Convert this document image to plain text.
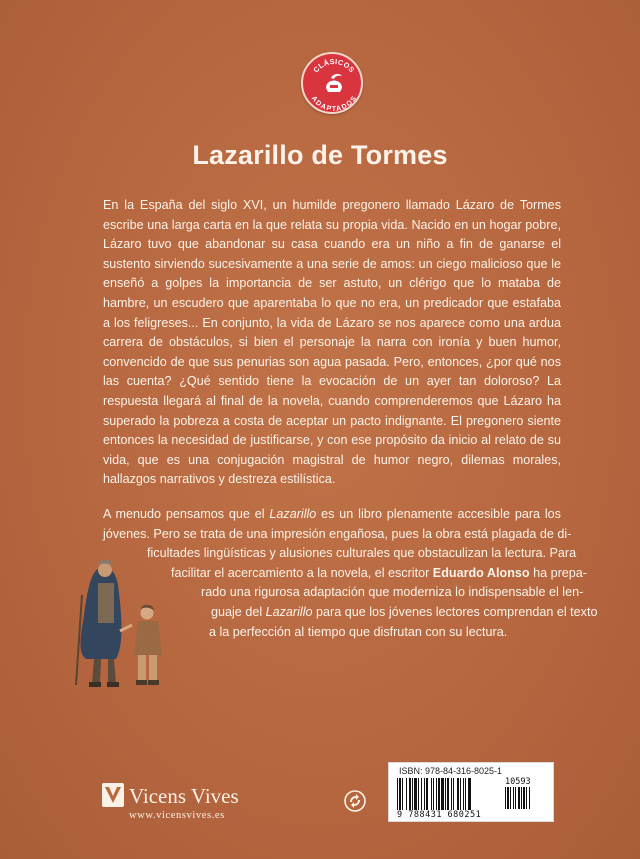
CLÁSICOS
ADAPTADOS
Lazarillo de Tormes

En la España del siglo XVI, un humilde pregonero llamado Lázaro de Tormes escribe una larga carta en la que relata su propia vida. Nacido en un hogar pobre, Lázaro tuvo que abandonar su casa cuando era un niño a fin de ganarse el sustento sirviendo sucesivamente a una serie de amos: un ciego malicioso que le enseñó a golpes la importancia de ser astuto, un clérigo que lo mataba de hambre, un escudero que aparentaba lo que no era, un predicador que estafaba a los feligreses... En conjunto, la vida de Lázaro se nos aparece como una ardua carrera de obstáculos, si bien el personaje la narra con ironía y buen humor, convencido de que sus penurias son agua pasada. Pero, entonces, ¿por qué nos las cuenta? ¿Qué sentido tiene la evocación de un ayer tan doloroso? La respuesta llegará al final de la novela, cuando comprenderemos que Lázaro ha superado la pobreza a costa de aceptar un pacto indignante. El pregonero siente entonces la necesidad de justificarse, y con ese propósito da inicio al relato de su vida, que es una conjugación magistral de humor negro, dilemas morales, hallazgos narrativos y destreza estilística.

A menudo pensamos que el Lazarillo es un libro plenamente accesible para los
jóvenes. Pero se trata de una impresión engañosa, pues la obra está plagada de di-
ficultades lingüísticas y alusiones culturales que obstaculizan la lectura. Para
facilitar el acercamiento a la novela, el escritor Eduardo Alonso ha prepa-
rado una rigurosa adaptación que moderniza lo indispensable el len-
guaje del Lazarillo para que los jóvenes lectores comprendan el texto
a la perfección al tiempo que disfrutan con su lectura.
Vicens Vives
www.vicensvives.es
ISBN: 978-84-316-8025-1
10593
9 788431 680251
